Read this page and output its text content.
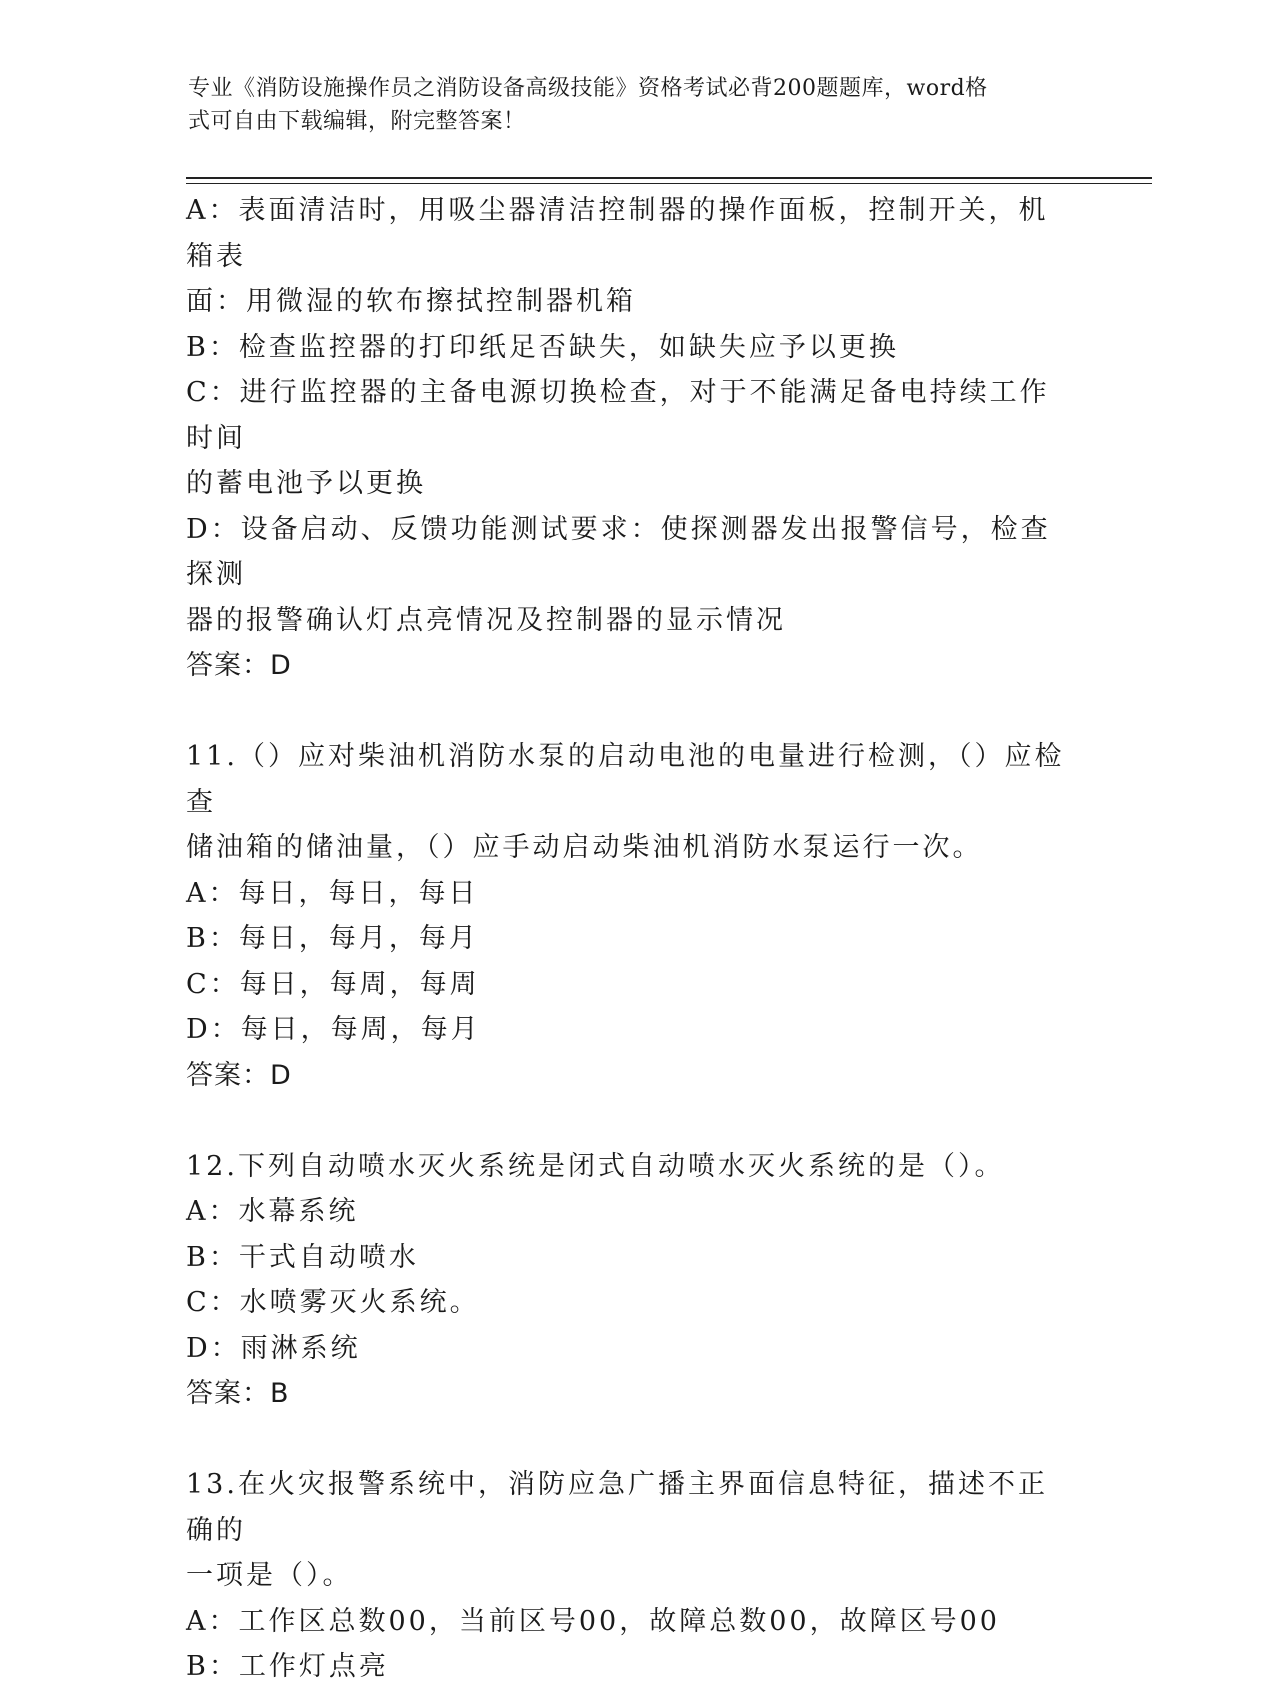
专业《消防设施操作员之消防设备高级技能》资格考试必背200题题库，word格

式可自由下载编辑，附完整答案！

A：表面清洁时，用吸尘器清洁控制器的操作面板，控制开关，机箱表

面：用微湿的软布擦拭控制器机箱

B：检查监控器的打印纸足否缺失，如缺失应予以更换

C：进行监控器的主备电源切换检查，对于不能满足备电持续工作时间

的蓄电池予以更换

D：设备启动、反馈功能测试要求：使探测器发出报警信号，检查探测

器的报警确认灯点亮情况及控制器的显示情况

答案：D

11.（）应对柴油机消防水泵的启动电池的电量进行检测，（）应检查

储油箱的储油量，（）应手动启动柴油机消防水泵运行一次。

A：每日，每日，每日

B：每日，每月，每月

C：每日，每周，每周

D：每日，每周，每月

答案：D

12.下列自动喷水灭火系统是闭式自动喷水灭火系统的是（）。

A：水幕系统

B：干式自动喷水

C：水喷雾灭火系统。

D：雨淋系统

答案：B

13.在火灾报警系统中，消防应急广播主界面信息特征，描述不正确的

一项是（）。

A：工作区总数00，当前区号00，故障总数00，故障区号00

B：工作灯点亮
